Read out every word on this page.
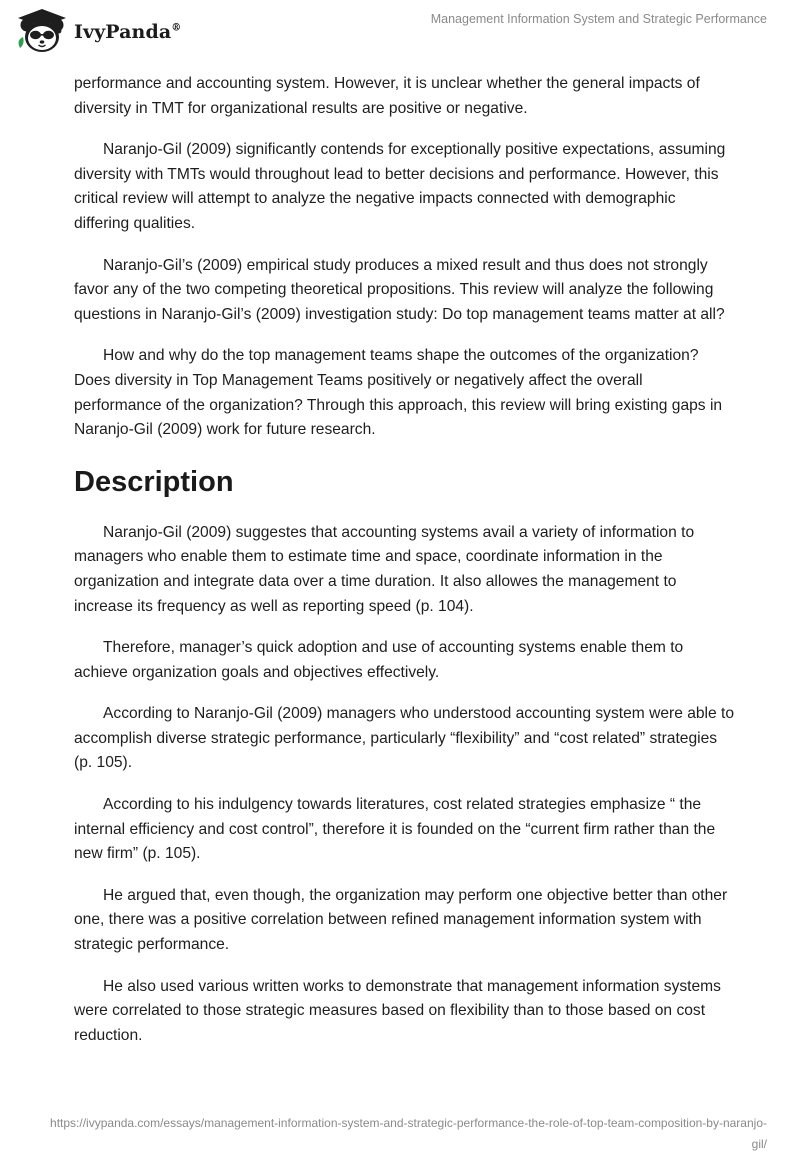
IvyPanda®
Management Information System and Strategic Performance

performance and accounting system. However, it is unclear whether the general impacts of diversity in TMT for organizational results are positive or negative.

Naranjo-Gil (2009) significantly contends for exceptionally positive expectations, assuming diversity with TMTs would throughout lead to better decisions and performance. However, this critical review will attempt to analyze the negative impacts connected with demographic differing qualities.

Naranjo-Gil’s (2009) empirical study produces a mixed result and thus does not strongly favor any of the two competing theoretical propositions. This review will analyze the following questions in Naranjo-Gil’s (2009) investigation study: Do top management teams matter at all?

How and why do the top management teams shape the outcomes of the organization? Does diversity in Top Management Teams positively or negatively affect the overall performance of the organization? Through this approach, this review will bring existing gaps in Naranjo-Gil (2009) work for future research.

Description

Naranjo-Gil (2009) suggestes that accounting systems avail a variety of information to managers who enable them to estimate time and space, coordinate information in the organization and integrate data over a time duration. It also allowes the management to increase its frequency as well as reporting speed (p. 104).

Therefore, manager’s quick adoption and use of accounting systems enable them to achieve organization goals and objectives effectively.

According to Naranjo-Gil (2009) managers who understood accounting system were able to accomplish diverse strategic performance, particularly “flexibility” and “cost related” strategies (p. 105).

According to his indulgency towards literatures, cost related strategies emphasize “ the internal efficiency and cost control”, therefore it is founded on the “current firm rather than the new firm” (p. 105).

He argued that, even though, the organization may perform one objective better than other one, there was a positive correlation between refined management information system with strategic performance.

He also used various written works to demonstrate that management information systems were correlated to those strategic measures based on flexibility than to those based on cost reduction.

https://ivypanda.com/essays/management-information-system-and-strategic-performance-the-role-of-top-team-composition-by-naranjo-gil/
